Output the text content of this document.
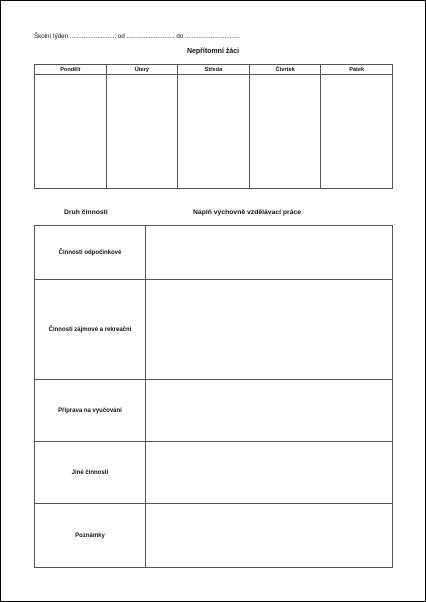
Školní týden ........................... od ............................ do ................................
Nepřítomní žáci
Pondělí	Úterý	Středa	Čtvrtek	Pátek

Druh činnosti	Náplň výchovně vzdělávací práce
Činnosti odpočinkové	
Činnosti zájmové a rekreační	
Příprava na vyučování	
Jiné činnosti	
Poznámky	
